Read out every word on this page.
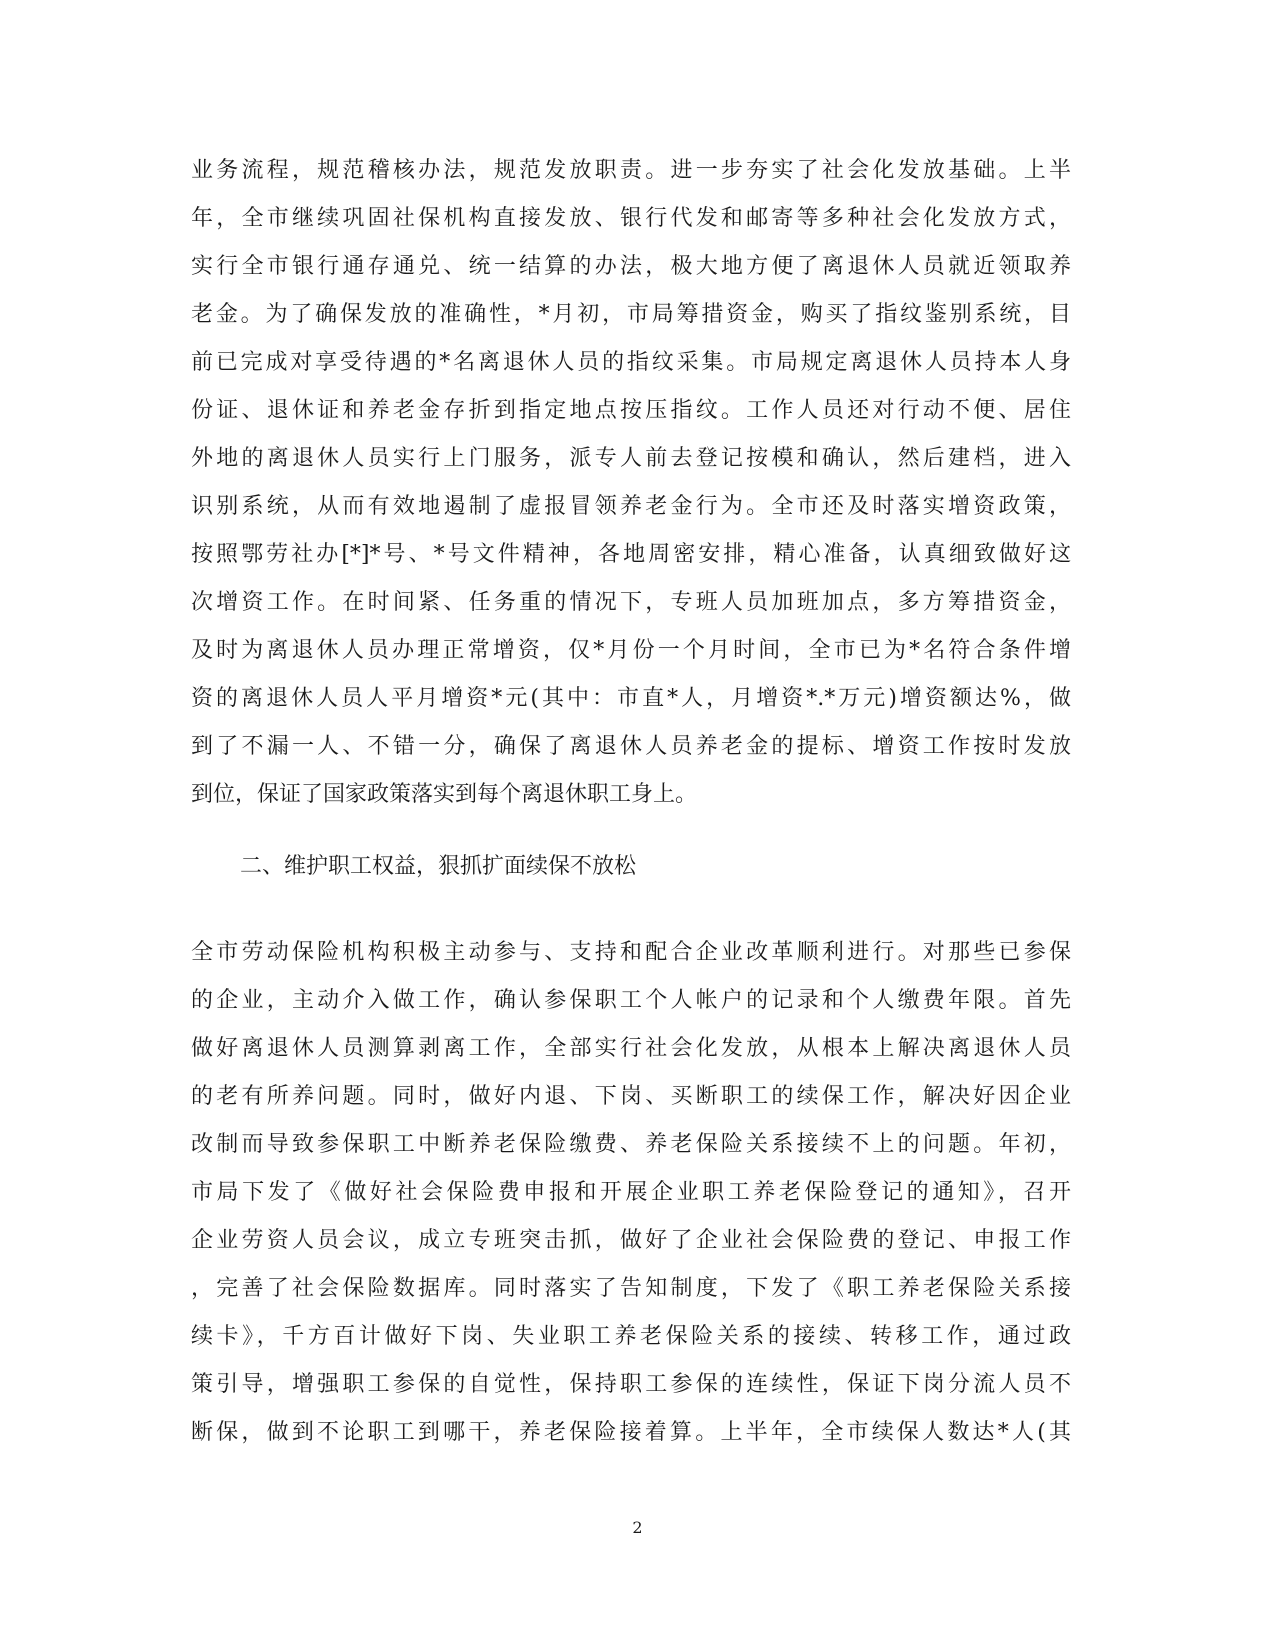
业务流程，规范稽核办法，规范发放职责。进一步夯实了社会化发放基础。上半
年，全市继续巩固社保机构直接发放、银行代发和邮寄等多种社会化发放方式，
实行全市银行通存通兑、统一结算的办法，极大地方便了离退休人员就近领取养
老金。为了确保发放的准确性，*月初，市局筹措资金，购买了指纹鉴别系统，目
前已完成对享受待遇的*名离退休人员的指纹采集。市局规定离退休人员持本人身
份证、退休证和养老金存折到指定地点按压指纹。工作人员还对行动不便、居住
外地的离退休人员实行上门服务，派专人前去登记按模和确认，然后建档，进入
识别系统，从而有效地遏制了虚报冒领养老金行为。全市还及时落实增资政策，
按照鄂劳社办[*]*号、*号文件精神，各地周密安排，精心准备，认真细致做好这
次增资工作。在时间紧、任务重的情况下，专班人员加班加点，多方筹措资金，
及时为离退休人员办理正常增资，仅*月份一个月时间，全市已为*名符合条件增
资的离退休人员人平月增资*元(其中：市直*人，月增资*.*万元)增资额达%，做
到了不漏一人、不错一分，确保了离退休人员养老金的提标、增资工作按时发放
到位，保证了国家政策落实到每个离退休职工身上。
二、维护职工权益，狠抓扩面续保不放松
全市劳动保险机构积极主动参与、支持和配合企业改革顺利进行。对那些已参保
的企业，主动介入做工作，确认参保职工个人帐户的记录和个人缴费年限。首先
做好离退休人员测算剥离工作，全部实行社会化发放，从根本上解决离退休人员
的老有所养问题。同时，做好内退、下岗、买断职工的续保工作，解决好因企业
改制而导致参保职工中断养老保险缴费、养老保险关系接续不上的问题。年初，
市局下发了《做好社会保险费申报和开展企业职工养老保险登记的通知》，召开
企业劳资人员会议，成立专班突击抓，做好了企业社会保险费的登记、申报工作
，完善了社会保险数据库。同时落实了告知制度，下发了《职工养老保险关系接
续卡》，千方百计做好下岗、失业职工养老保险关系的接续、转移工作，通过政
策引导，增强职工参保的自觉性，保持职工参保的连续性，保证下岗分流人员不
断保，做到不论职工到哪干，养老保险接着算。上半年，全市续保人数达*人(其
2
